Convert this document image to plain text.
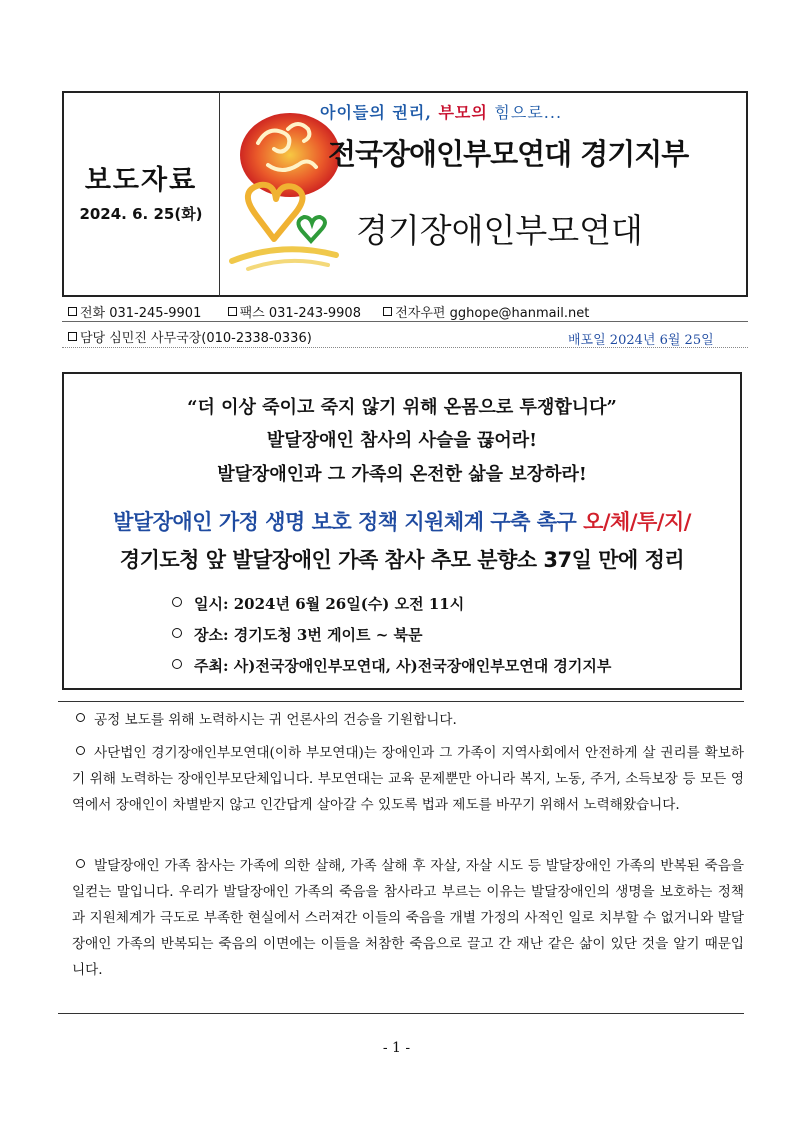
보도자료
2024. 6. 25(화)
아이들의 권리, 부모의 힘으로...
전국장애인부모연대 경기지부
경기장애인부모연대
전화 031-245-9901	팩스 031-243-9908	전자우편 gghope@hanmail.net
담당 심민진 사무국장(010-2338-0336)	배포일 2024년 6월 25일
“더 이상 죽이고 죽지 않기 위해 온몸으로 투쟁합니다”
발달장애인 참사의 사슬을 끊어라!
발달장애인과 그 가족의 온전한 삶을 보장하라!
발달장애인 가정 생명 보호 정책 지원체계 구축 촉구 오/체/투/지/
경기도청 앞 발달장애인 가족 참사 추모 분향소 37일 만에 정리
일시: 2024년 6월 26일(수) 오전 11시
장소: 경기도청 3번 게이트 ~ 북문
주최: 사)전국장애인부모연대, 사)전국장애인부모연대 경기지부
공정 보도를 위해 노력하시는 귀 언론사의 건승을 기원합니다.
사단법인 경기장애인부모연대(이하 부모연대)는 장애인과 그 가족이 지역사회에서 안전하게 살 권리를 확보하기 위해 노력하는 장애인부모단체입니다. 부모연대는 교육 문제뿐만 아니라 복지, 노동, 주거, 소득보장 등 모든 영역에서 장애인이 차별받지 않고 인간답게 살아갈 수 있도록 법과 제도를 바꾸기 위해서 노력해왔습니다.
발달장애인 가족 참사는 가족에 의한 살해, 가족 살해 후 자살, 자살 시도 등 발달장애인 가족의 반복된 죽음을 일컫는 말입니다. 우리가 발달장애인 가족의 죽음을 참사라고 부르는 이유는 발달장애인의 생명을 보호하는 정책과 지원체계가 극도로 부족한 현실에서 스러져간 이들의 죽음을 개별 가정의 사적인 일로 치부할 수 없거니와 발달장애인 가족의 반복되는 죽음의 이면에는 이들을 처참한 죽음으로 끌고 간 재난 같은 삶이 있단 것을 알기 때문입니다.
- 1 -
